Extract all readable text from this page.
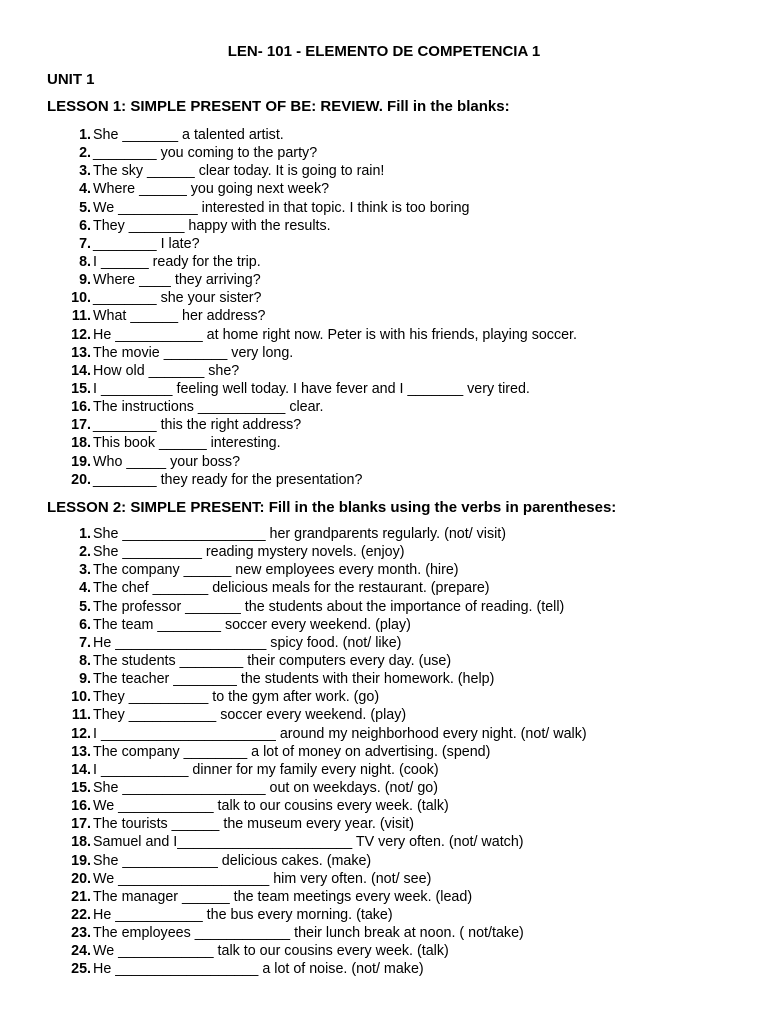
LEN- 101 - ELEMENTO DE COMPETENCIA 1
UNIT 1
LESSON 1: SIMPLE PRESENT OF BE: REVIEW. Fill in the blanks:
1. She _______ a talented artist.
2. ________ you coming to the party?
3. The sky ______ clear today. It is going to rain!
4. Where ______ you going next week?
5. We __________ interested in that topic. I think is too boring
6. They _______ happy with the results.
7. ________ I late?
8. I ______ ready for the trip.
9. Where ____ they arriving?
10. ________ she your sister?
11. What ______ her address?
12. He ___________ at home right now. Peter is with his friends, playing soccer.
13. The movie ________ very long.
14. How old _______ she?
15. I _________ feeling well today. I have fever and I _______ very tired.
16. The instructions ___________ clear.
17. ________ this the right address?
18. This book ______ interesting.
19. Who _____ your boss?
20. ________ they ready for the presentation?
LESSON 2: SIMPLE PRESENT: Fill in the blanks using the verbs in parentheses:
1. She __________________ her grandparents regularly. (not/ visit)
2. She __________ reading mystery novels. (enjoy)
3. The company ______ new employees every month. (hire)
4. The chef _______ delicious meals for the restaurant. (prepare)
5. The professor _______ the students about the importance of reading. (tell)
6. The team ________ soccer every weekend. (play)
7. He ___________________ spicy food. (not/ like)
8. The students ________ their computers every day. (use)
9. The teacher ________ the students with their homework. (help)
10. They __________ to the gym after work. (go)
11. They ___________ soccer every weekend. (play)
12. I ______________________ around my neighborhood every night. (not/ walk)
13. The company ________ a lot of money on advertising. (spend)
14. I ___________ dinner for my family every night. (cook)
15. She __________________ out on weekdays. (not/ go)
16. We ____________ talk to our cousins every week. (talk)
17. The tourists ______ the museum every year. (visit)
18. Samuel and I______________________ TV very often. (not/ watch)
19. She ____________ delicious cakes. (make)
20. We ___________________ him very often. (not/ see)
21. The manager ______ the team meetings every week. (lead)
22. He ___________ the bus every morning. (take)
23. The employees ____________ their lunch break at noon. ( not/take)
24. We ____________ talk to our cousins every week. (talk)
25. He __________________ a lot of noise. (not/ make)
